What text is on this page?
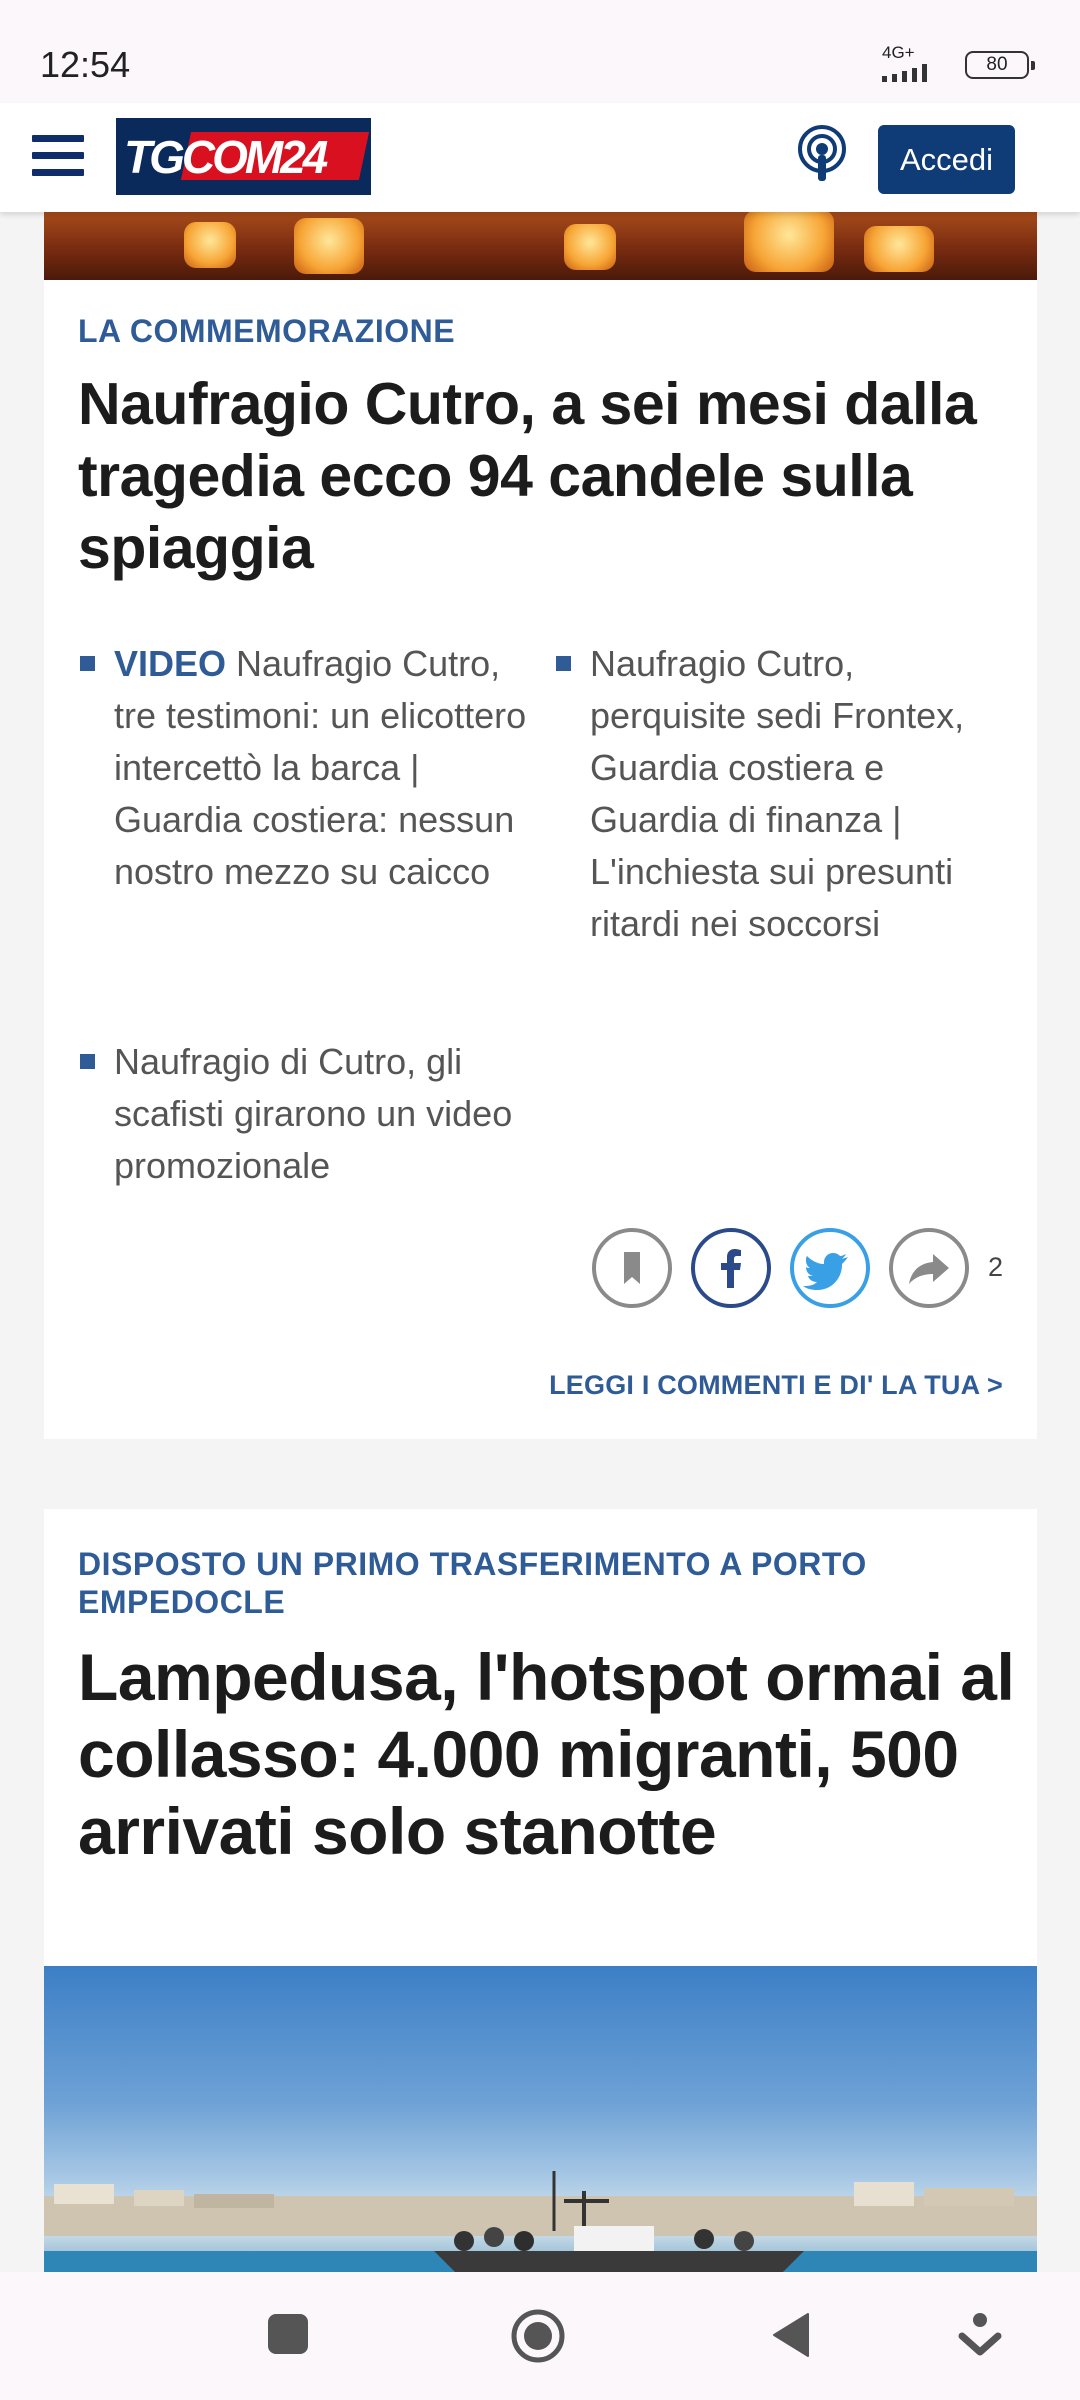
12:54	4G+
80
TGCOM24	Accedi
LA COMMEMORAZIONE
Naufragio Cutro, a sei mesi dalla tragedia ecco 94 candele sulla spiaggia
VIDEO Naufragio Cutro, tre testimoni: un elicottero intercettò la barca | Guardia costiera: nessun nostro mezzo su caicco
Naufragio Cutro, perquisite sedi Frontex, Guardia costiera e Guardia di finanza | L'inchiesta sui presunti ritardi nei soccorsi
Naufragio di Cutro, gli scafisti girarono un video promozionale
2
LEGGI I COMMENTI E DI' LA TUA >
DISPOSTO UN PRIMO TRASFERIMENTO A PORTO EMPEDOCLE
Lampedusa, l'hotspot ormai al collasso: 4.000 migranti, 500 arrivati solo stanotte
